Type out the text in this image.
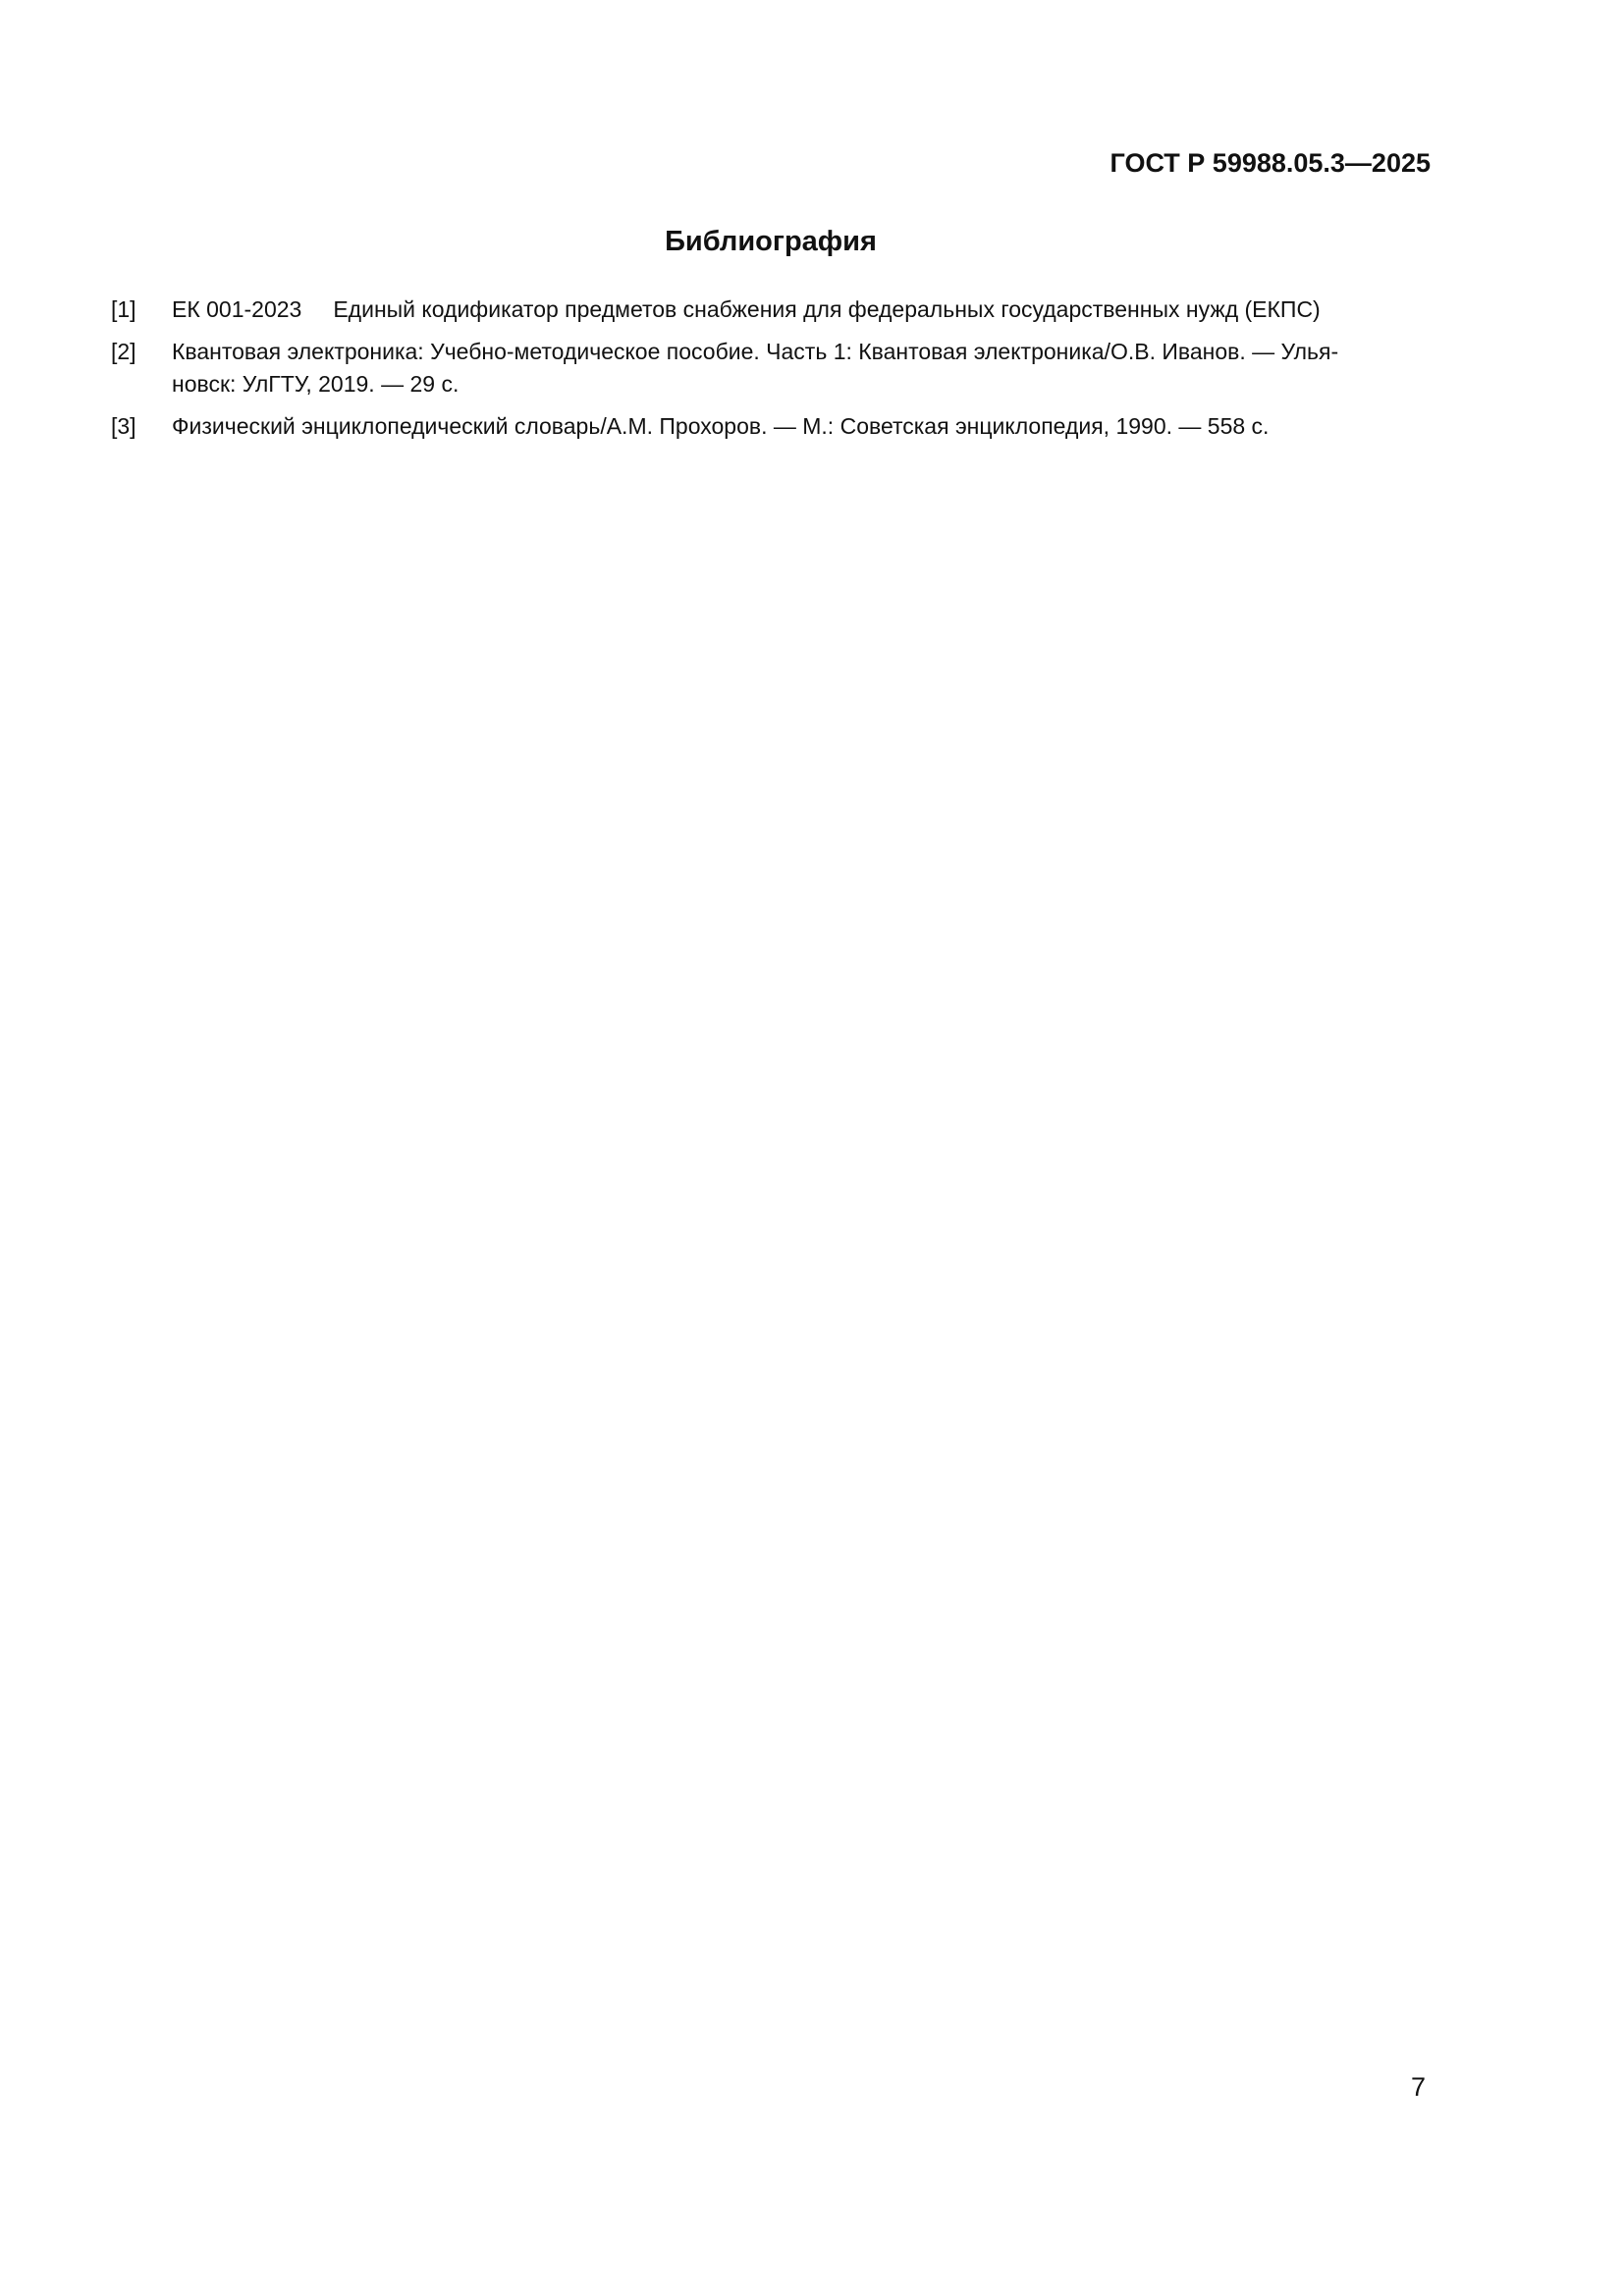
ГОСТ Р 59988.05.3—2025
Библиография
[1] ЕК 001-2023 Единый кодификатор предметов снабжения для федеральных государственных нужд (ЕКПС)
[2] Квантовая электроника: Учебно-методическое пособие. Часть 1: Квантовая электроника/О.В. Иванов. — Улья-
новск: УлГТУ, 2019. — 29 с.
[3] Физический энциклопедический словарь/А.М. Прохоров. — М.: Советская энциклопедия, 1990. — 558 с.
7
